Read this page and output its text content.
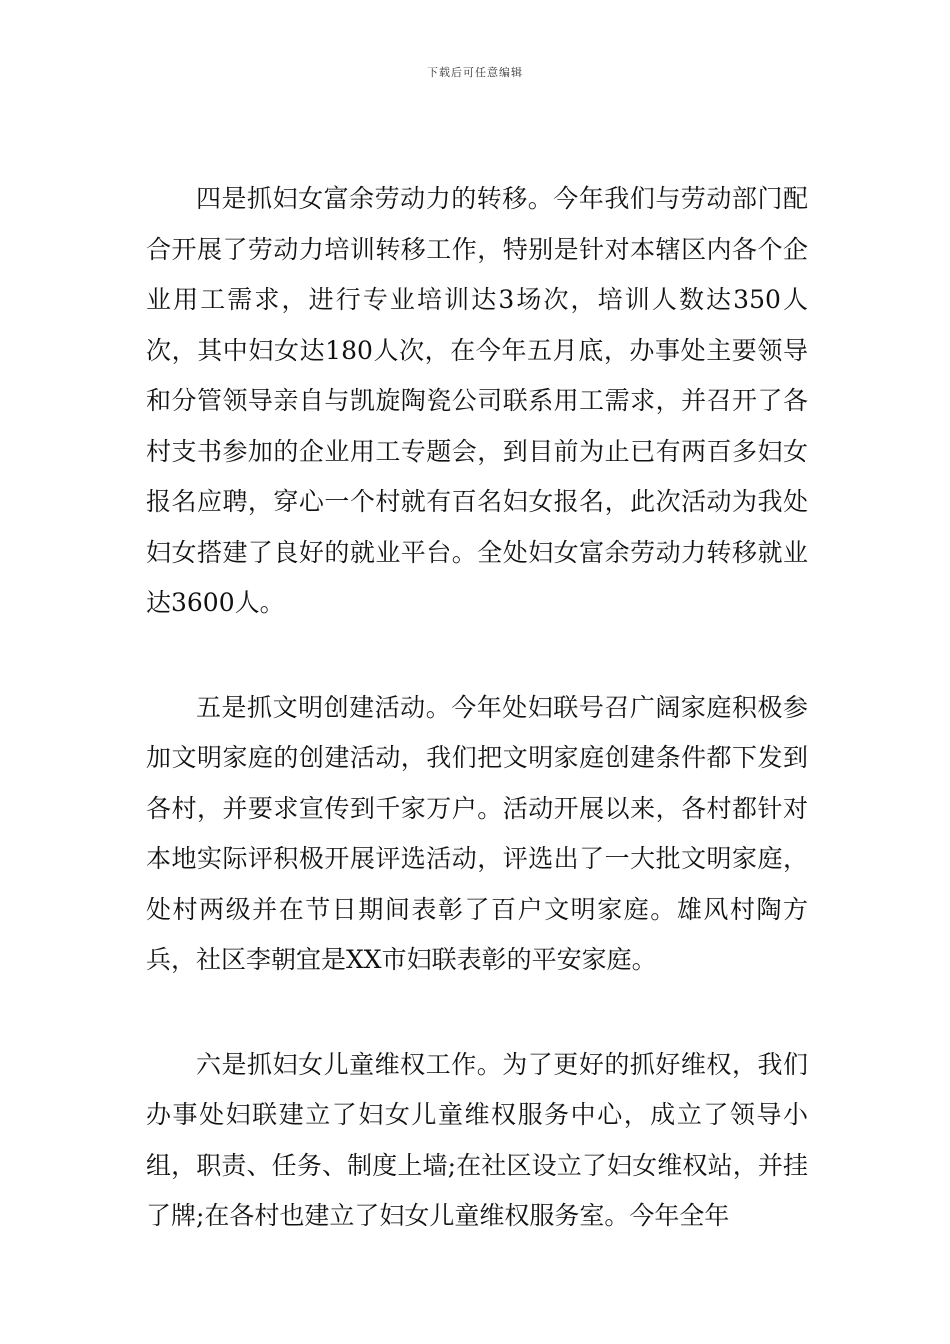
下载后可任意编辑

四是抓妇女富余劳动力的转移。今年我们与劳动部门配合开展了劳动力培训转移工作，特别是针对本辖区内各个企业用工需求，进行专业培训达3场次，培训人数达350人次，其中妇女达180人次，在今年五月底，办事处主要领导和分管领导亲自与凯旋陶瓷公司联系用工需求，并召开了各村支书参加的企业用工专题会，到目前为止已有两百多妇女报名应聘，穿心一个村就有百名妇女报名，此次活动为我处妇女搭建了良好的就业平台。全处妇女富余劳动力转移就业达3600人。

五是抓文明创建活动。今年处妇联号召广阔家庭积极参加文明家庭的创建活动，我们把文明家庭创建条件都下发到各村，并要求宣传到千家万户。活动开展以来，各村都针对本地实际评积极开展评选活动，评选出了一大批文明家庭，处村两级并在节日期间表彰了百户文明家庭。雄风村陶方兵，社区李朝宜是XX市妇联表彰的平安家庭。

六是抓妇女儿童维权工作。为了更好的抓好维权，我们办事处妇联建立了妇女儿童维权服务中心，成立了领导小组，职责、任务、制度上墙;在社区设立了妇女维权站，并挂了牌;在各村也建立了妇女儿童维权服务室。今年全年
